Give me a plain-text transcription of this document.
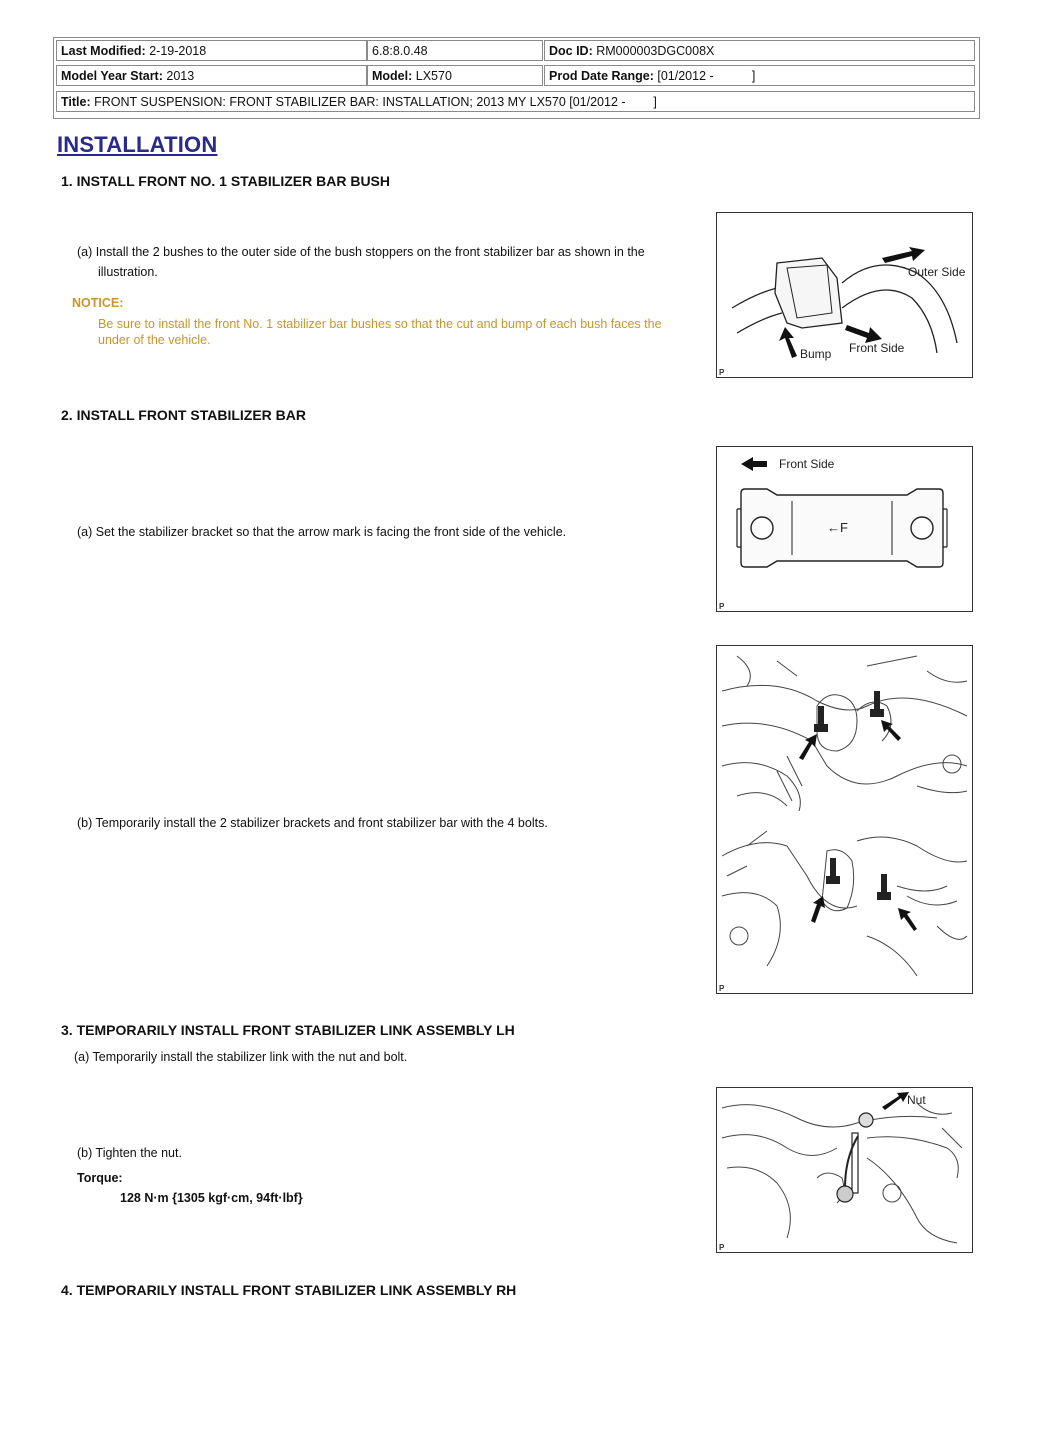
Last Modified: 2-19-2018	6.8:8.0.48	Doc ID: RM000003DGC008X
Model Year Start: 2013	Model: LX570	Prod Date Range: [01/2012 -           ]
Title: FRONT SUSPENSION: FRONT STABILIZER BAR: INSTALLATION; 2013 MY LX570 [01/2012 -        ]
INSTALLATION
1. INSTALL FRONT NO. 1 STABILIZER BAR BUSH
(a) Install the 2 bushes to the outer side of the bush stoppers on the front stabilizer bar as shown in the
illustration.
NOTICE:
Be sure to install the front No. 1 stabilizer bar bushes so that the cut and bump of each bush faces the
under of the vehicle.
Outer Side
Front Side
Bump
P
2. INSTALL FRONT STABILIZER BAR
(a) Set the stabilizer bracket so that the arrow mark is facing the front side of the vehicle.
Front Side
←F
P
(b) Temporarily install the 2 stabilizer brackets and front stabilizer bar with the 4 bolts.
P
3. TEMPORARILY INSTALL FRONT STABILIZER LINK ASSEMBLY LH
(a) Temporarily install the stabilizer link with the nut and bolt.
(b) Tighten the nut.
Torque:
128 N·m {1305 kgf·cm, 94ft·lbf}
Nut
P
4. TEMPORARILY INSTALL FRONT STABILIZER LINK ASSEMBLY RH
